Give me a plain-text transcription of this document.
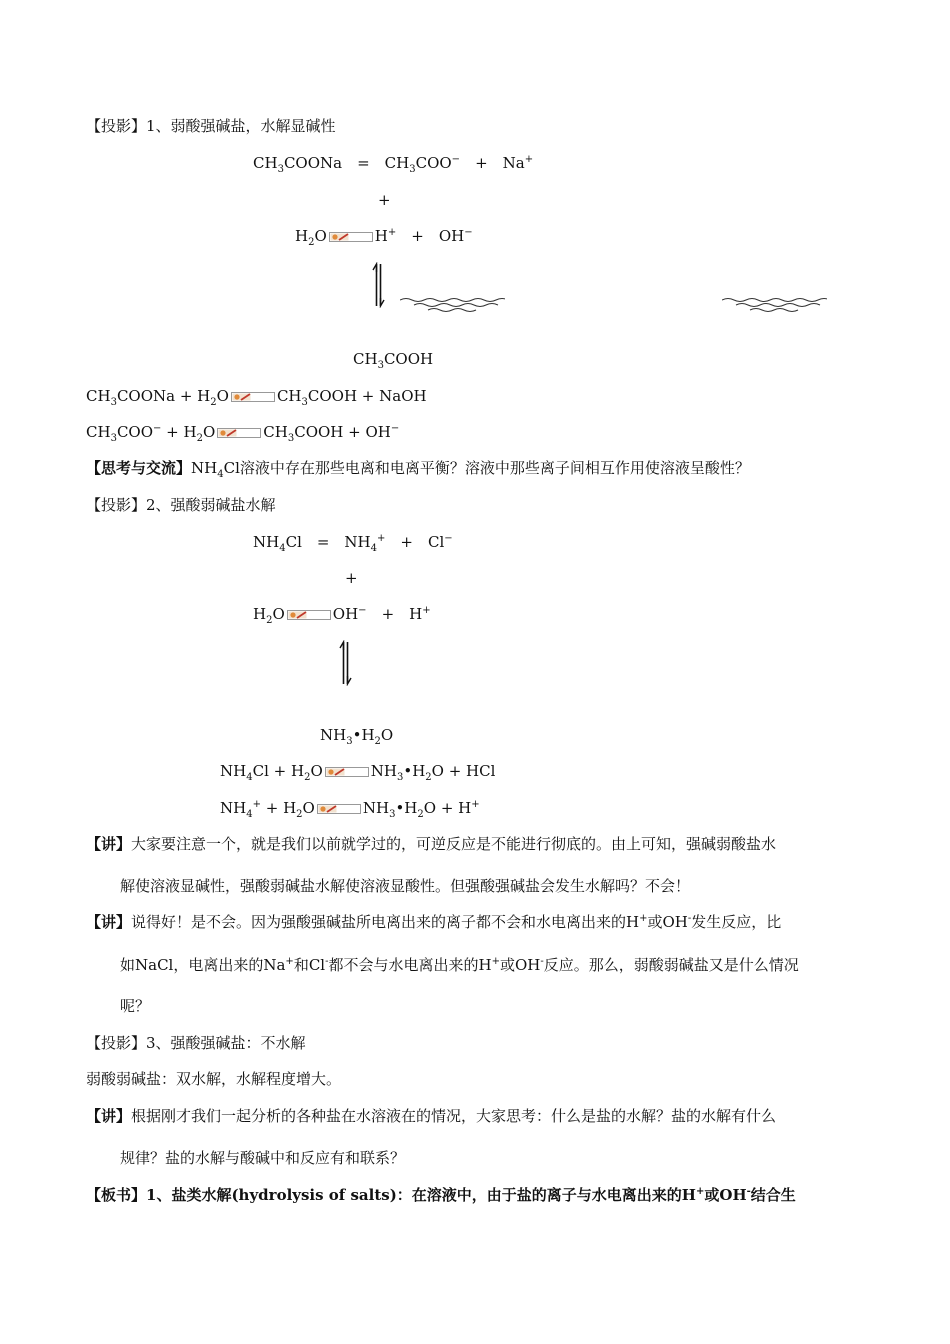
【投影】1、弱酸强碱盐，水解显碱性
$CH_3COONa$　=　$CH_3COO^-$　+　Na+
+
$H_2O$	H+　+　OH−
$CH_3COOH$
$CH_3COONa + H_2O$	$CH_3COOH$ + NaOH
$CH_3COO^- + H_2O$	$CH_3COOH + OH^-$
【思考与交流】$NH_4Cl$溶液中存在那些电离和电离平衡？溶液中那些离子间相互作用使溶液呈酸性？
【投影】2、强酸弱碱盐水解
$NH_4Cl$　=　$NH_4^+$　+　Cl−
+
$H_2O$	OH−　+　H+
$NH_3•H_2O$
$NH_4Cl + H_2O$	$NH_3•H_2O$ + HCl
$NH_4^+ + H_2O$	$NH_3•H_2O + H^+$
【讲】大家要注意一个，就是我们以前就学过的，可逆反应是不能进行彻底的。由上可知，强碱弱酸盐水
解使溶液显碱性，强酸弱碱盐水解使溶液显酸性。但强酸强碱盐会发生水解吗？不会！
【讲】说得好！是不会。因为强酸强碱盐所电离出来的离子都不会和水电离出来的H+或OH-发生反应，比
如NaCl，电离出来的Na+和Cl-都不会与水电离出来的H+或OH-反应。那么，弱酸弱碱盐又是什么情况
呢？
【投影】3、强酸强碱盐：不水解
弱酸弱碱盐：双水解，水解程度增大。
【讲】根据刚才我们一起分析的各种盐在水溶液在的情况，大家思考：什么是盐的水解？盐的水解有什么
规律？盐的水解与酸碱中和反应有和联系？
【板书】1、盐类水解(hydrolysis of salts)：在溶液中，由于盐的离子与水电离出来的H+或OH-结合生
